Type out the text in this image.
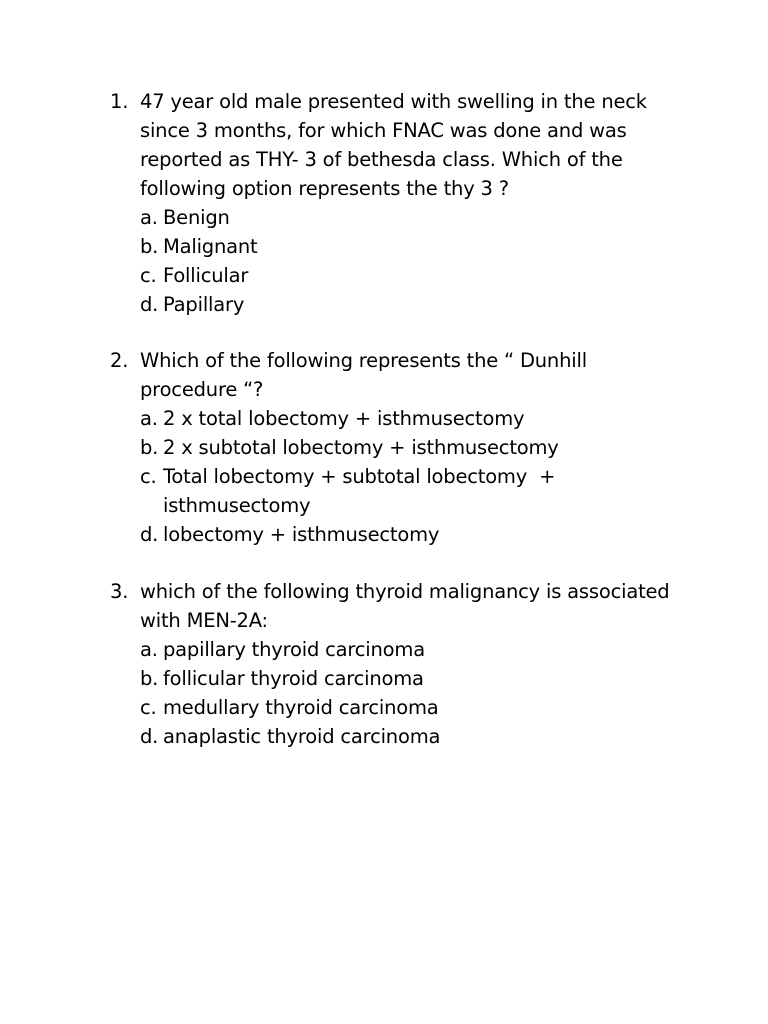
1. 47 year old male presented with swelling in the neck
since 3 months, for which FNAC was done and was
reported as THY- 3 of bethesda class. Which of the
following option represents the thy 3 ?
a. Benign
b. Malignant
c. Follicular
d. Papillary
2. Which of the following represents the “ Dunhill
procedure “?
a. 2 x total lobectomy + isthmusectomy
b. 2 x subtotal lobectomy + isthmusectomy
c. Total lobectomy + subtotal lobectomy  +
isthmusectomy
d. lobectomy + isthmusectomy
3. which of the following thyroid malignancy is associated
with MEN-2A:
a. papillary thyroid carcinoma
b. follicular thyroid carcinoma
c. medullary thyroid carcinoma
d. anaplastic thyroid carcinoma
